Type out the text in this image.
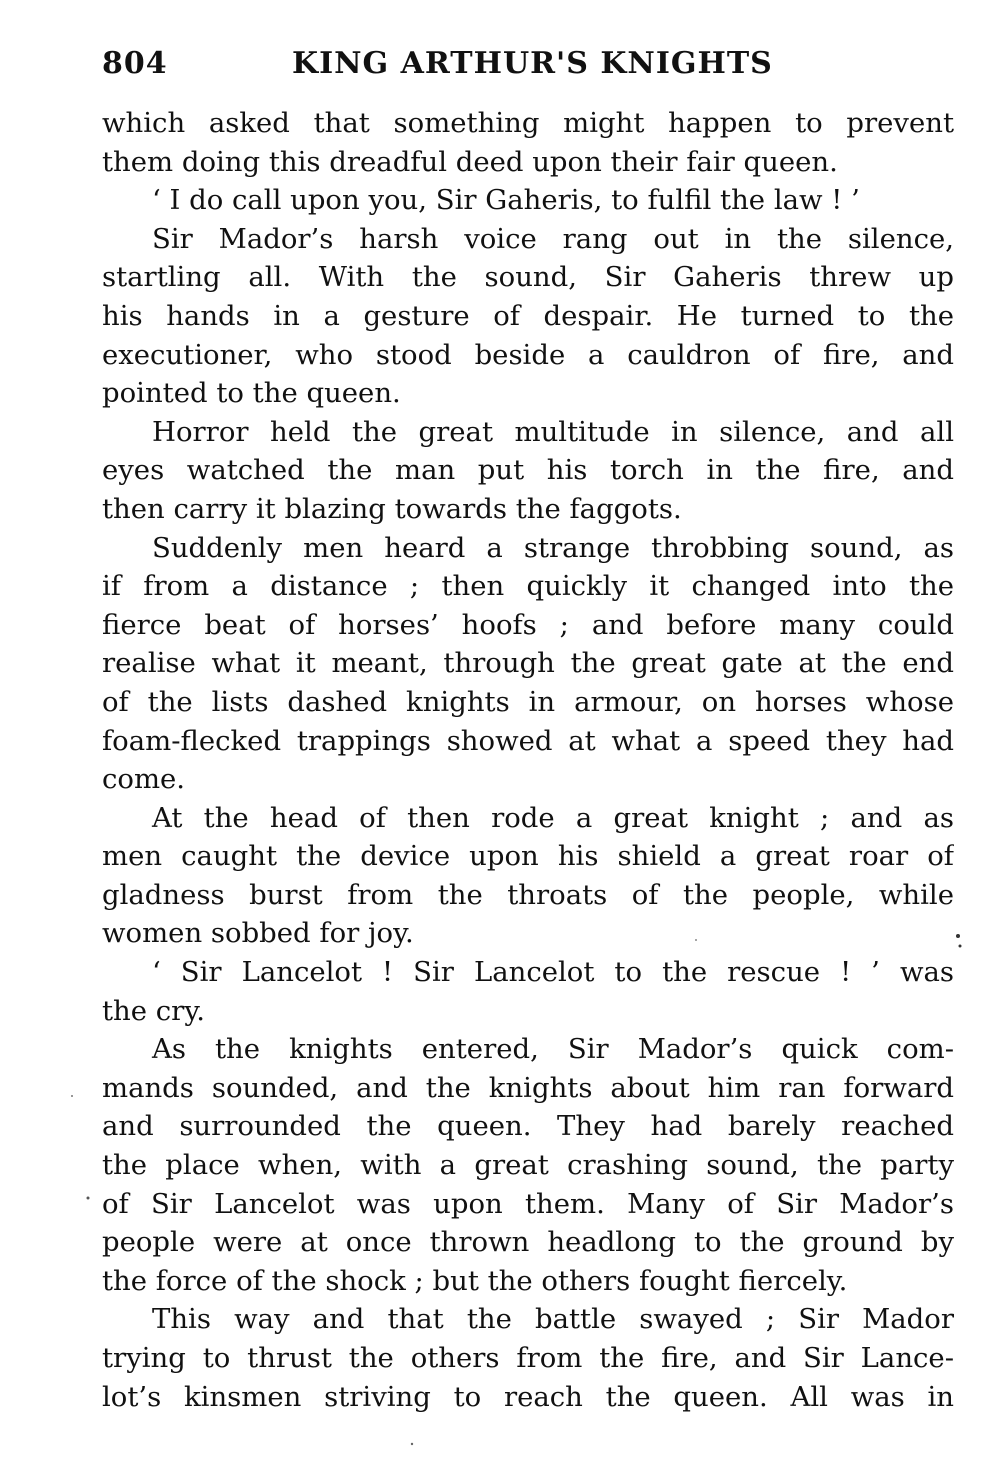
804	KING ARTHUR'S KNIGHTS
which asked that something might happen to prevent
them doing this dreadful deed upon their fair queen.
‘ I do call upon you, Sir Gaheris, to fulfil the law ! ’
Sir Mador’s harsh voice rang out in the silence,
startling all. With the sound, Sir Gaheris threw up
his hands in a gesture of despair. He turned to the
executioner, who stood beside a cauldron of fire, and
pointed to the queen.
Horror held the great multitude in silence, and all
eyes watched the man put his torch in the fire, and
then carry it blazing towards the faggots.
Suddenly men heard a strange throbbing sound, as
if from a distance ; then quickly it changed into the
fierce beat of horses’ hoofs ; and before many could
realise what it meant, through the great gate at the end
of the lists dashed knights in armour, on horses whose
foam-flecked trappings showed at what a speed they had
come.
At the head of then rode a great knight ; and as
men caught the device upon his shield a great roar of
gladness burst from the throats of the people, while
women sobbed for joy.
‘ Sir Lancelot ! Sir Lancelot to the rescue ! ’ was
the cry.
As the knights entered, Sir Mador’s quick com-
mands sounded, and the knights about him ran forward
and surrounded the queen. They had barely reached
the place when, with a great crashing sound, the party
of Sir Lancelot was upon them. Many of Sir Mador’s
people were at once thrown headlong to the ground by
the force of the shock ; but the others fought fiercely.
This way and that the battle swayed ; Sir Mador
trying to thrust the others from the fire, and Sir Lance-
lot’s kinsmen striving to reach the queen. All was in
